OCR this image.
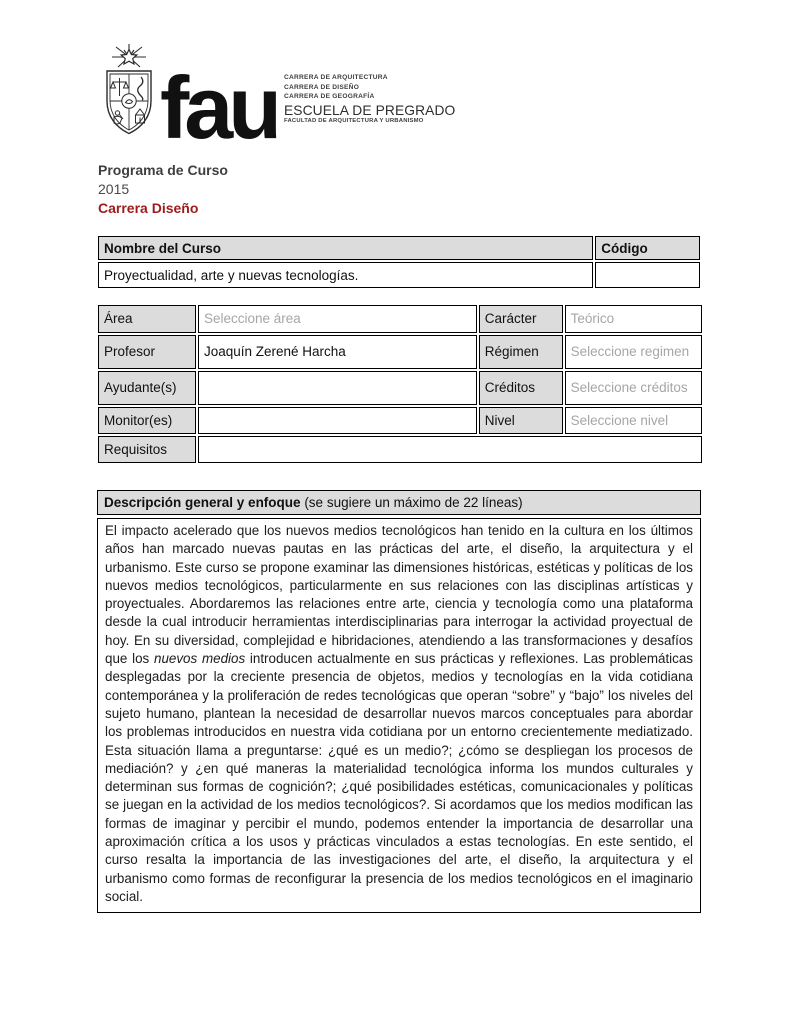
fau CARRERA DE ARQUITECTURA
CARRERA DE DISEÑO
CARRERA DE GEOGRAFÍA
ESCUELA DE PREGRADO
FACULTAD DE ARQUITECTURA Y URBANISMO
Programa de Curso
2015
Carrera Diseño
Nombre del Curso	Código
Proyectualidad, arte y nuevas tecnologías.	
Área	Seleccione área	Carácter	Teórico
Profesor	Joaquín Zerené Harcha	Régimen	Seleccione regimen
Ayudante(s)		Créditos	Seleccione créditos
Monitor(es)		Nivel	Seleccione nivel
Requisitos			
Descripción general y enfoque (se sugiere un máximo de 22 líneas)
El impacto acelerado que los nuevos medios tecnológicos han tenido en la cultura en los últimos años han marcado nuevas pautas en las prácticas del arte, el diseño, la arquitectura y el urbanismo. Este curso se propone examinar las dimensiones históricas, estéticas y políticas de los nuevos medios tecnológicos, particularmente en sus relaciones con las disciplinas artísticas y proyectuales. Abordaremos las relaciones entre arte, ciencia y tecnología como una plataforma desde la cual introducir herramientas interdisciplinarias para interrogar la actividad proyectual de hoy. En su diversidad, complejidad e hibridaciones, atendiendo a las transformaciones y desafíos que los nuevos medios introducen actualmente en sus prácticas y reflexiones. Las problemáticas desplegadas por la creciente presencia de objetos, medios y tecnologías en la vida cotidiana contemporánea y la proliferación de redes tecnológicas que operan “sobre” y “bajo” los niveles del sujeto humano, plantean la necesidad de desarrollar nuevos marcos conceptuales para abordar los problemas introducidos en nuestra vida cotidiana por un entorno crecientemente mediatizado. Esta situación llama a preguntarse: ¿qué es un medio?; ¿cómo se despliegan los procesos de mediación? y ¿en qué maneras la materialidad tecnológica informa los mundos culturales y determinan sus formas de cognición?; ¿qué posibilidades estéticas, comunicacionales y políticas se juegan en la actividad de los medios tecnológicos?. Si acordamos que los medios modifican las formas de imaginar y percibir el mundo, podemos entender la importancia de desarrollar una aproximación crítica a los usos y prácticas vinculados a estas tecnologías. En este sentido, el curso resalta la importancia de las investigaciones del arte, el diseño, la arquitectura y el urbanismo como formas de reconfigurar la presencia de los medios tecnológicos en el imaginario social.
